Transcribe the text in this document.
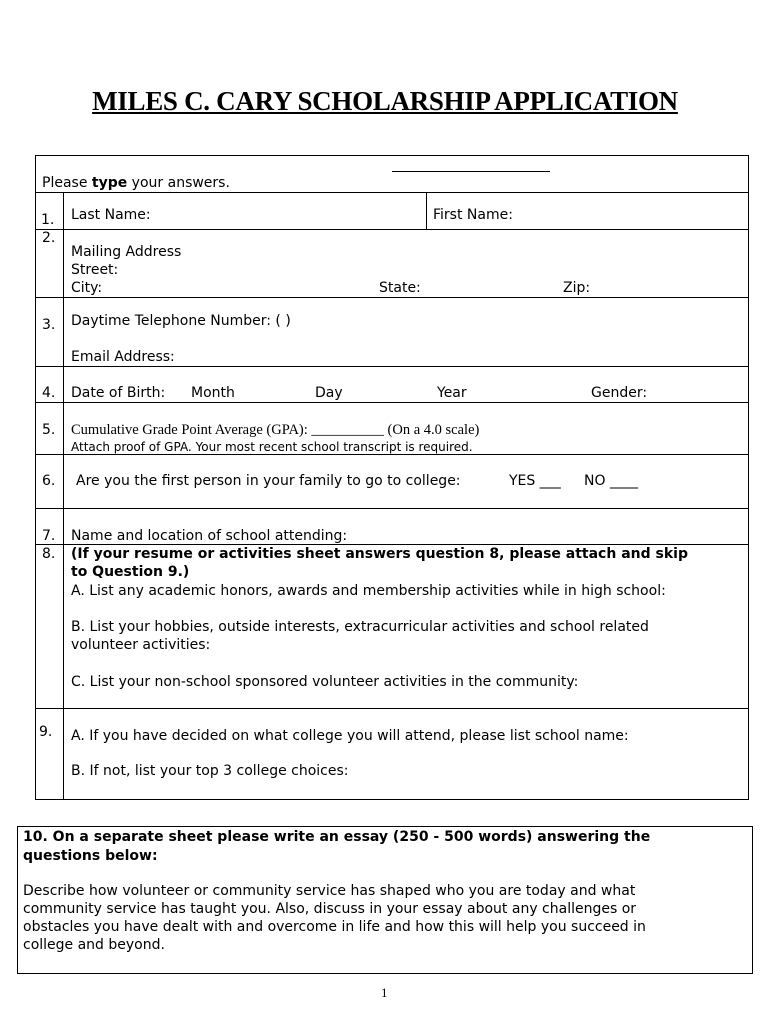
MILES C. CARY SCHOLARSHIP APPLICATION
Please type your answers.
1. Last Name:	First Name:
2.
Mailing Address
Street:
City:	State:	Zip:
3. Daytime Telephone Number: ( )
Email Address:
4. Date of Birth: Month	Day	Year	Gender:
5. Cumulative Grade Point Average (GPA): __________ (On a 4.0 scale)
Attach proof of GPA. Your most recent school transcript is required.
6. Are you the first person in your family to go to college:	YES ___ NO ____
7. Name and location of school attending:
8. (If your resume or activities sheet answers question 8, please attach and skip
to Question 9.)
A. List any academic honors, awards and membership activities while in high school:
B. List your hobbies, outside interests, extracurricular activities and school related
volunteer activities:
C. List your non-school sponsored volunteer activities in the community:
9. A. If you have decided on what college you will attend, please list school name:
B. If not, list your top 3 college choices:
10. On a separate sheet please write an essay (250 - 500 words) answering the
questions below:
Describe how volunteer or community service has shaped who you are today and what
community service has taught you. Also, discuss in your essay about any challenges or
obstacles you have dealt with and overcome in life and how this will help you succeed in
college and beyond.
1
